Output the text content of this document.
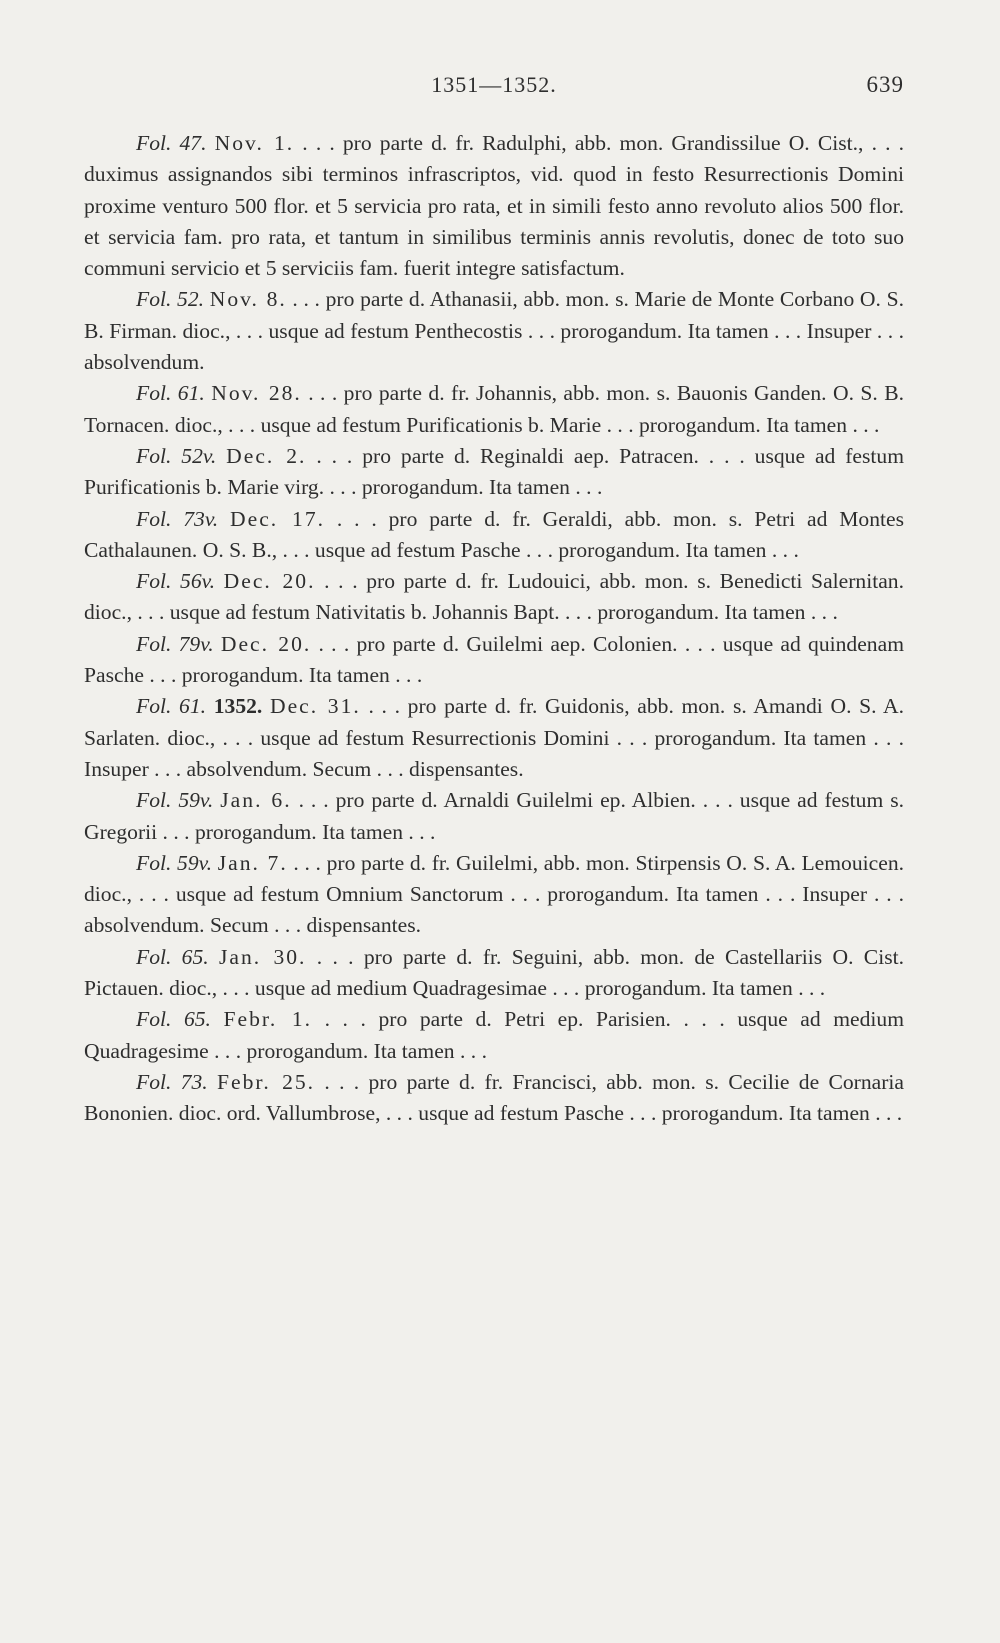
1351—1352.	639

Fol. 47. Nov. 1. . . . pro parte d. fr. Radulphi, abb. mon. Grandissilue O. Cist., . . . duximus assignandos sibi terminos infrascriptos, vid. quod in festo Resurrectionis Domini proxime venturo 500 flor. et 5 servicia pro rata, et in simili festo anno revoluto alios 500 flor. et servicia fam. pro rata, et tantum in similibus terminis annis revolutis, donec de toto suo communi servicio et 5 serviciis fam. fuerit integre satisfactum.

Fol. 52. Nov. 8. . . . pro parte d. Athanasii, abb. mon. s. Marie de Monte Corbano O. S. B. Firman. dioc., . . . usque ad festum Penthecostis . . . prorogandum. Ita tamen . . . Insuper . . . absolvendum.

Fol. 61. Nov. 28. . . . pro parte d. fr. Johannis, abb. mon. s. Bauonis Ganden. O. S. B. Tornacen. dioc., . . . usque ad festum Purificationis b. Marie . . . prorogandum. Ita tamen . . .

Fol. 52v. Dec. 2. . . . pro parte d. Reginaldi aep. Patracen. . . . usque ad festum Purificationis b. Marie virg. . . . prorogandum. Ita tamen . . .

Fol. 73v. Dec. 17. . . . pro parte d. fr. Geraldi, abb. mon. s. Petri ad Montes Cathalaunen. O. S. B., . . . usque ad festum Pasche . . . prorogandum. Ita tamen . . .

Fol. 56v. Dec. 20. . . . pro parte d. fr. Ludouici, abb. mon. s. Benedicti Salernitan. dioc., . . . usque ad festum Nativitatis b. Johannis Bapt. . . . prorogandum. Ita tamen . . .

Fol. 79v. Dec. 20. . . . pro parte d. Guilelmi aep. Colonien. . . . usque ad quindenam Pasche . . . prorogandum. Ita tamen . . .

Fol. 61. 1352. Dec. 31. . . . pro parte d. fr. Guidonis, abb. mon. s. Amandi O. S. A. Sarlaten. dioc., . . . usque ad festum Resurrectionis Domini . . . prorogandum. Ita tamen . . . Insuper . . . absolvendum. Secum . . . dispensantes.

Fol. 59v. Jan. 6. . . . pro parte d. Arnaldi Guilelmi ep. Albien. . . . usque ad festum s. Gregorii . . . prorogandum. Ita tamen . . .

Fol. 59v. Jan. 7. . . . pro parte d. fr. Guilelmi, abb. mon. Stirpensis O. S. A. Lemouicen. dioc., . . . usque ad festum Omnium Sanctorum . . . prorogandum. Ita tamen . . . Insuper . . . absolvendum. Secum . . . dispensantes.

Fol. 65. Jan. 30. . . . pro parte d. fr. Seguini, abb. mon. de Castellariis O. Cist. Pictauen. dioc., . . . usque ad medium Quadragesimae . . . prorogandum. Ita tamen . . .

Fol. 65. Febr. 1. . . . pro parte d. Petri ep. Parisien. . . . usque ad medium Quadragesime . . . prorogandum. Ita tamen . . .

Fol. 73. Febr. 25. . . . pro parte d. fr. Francisci, abb. mon. s. Cecilie de Cornaria Bononien. dioc. ord. Vallumbrose, . . . usque ad festum Pasche . . . prorogandum. Ita tamen . . .
